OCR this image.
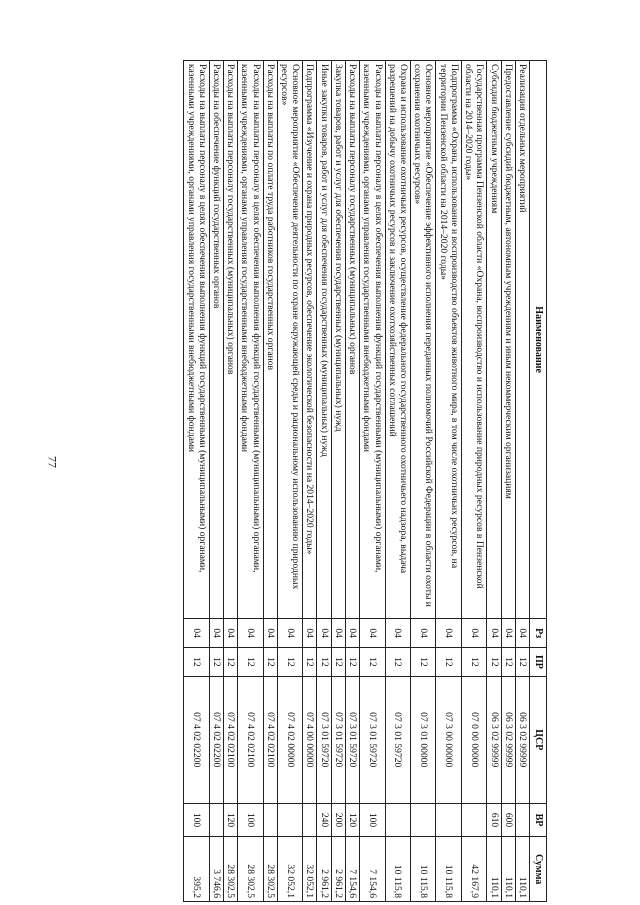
77
Наименование	Рз	ПР	ЦСР	ВР	Сумма
Реализация отдельных мероприятий	04	12	06 3 02 99999		110,1
Предоставление субсидий бюджетным, автономным учреждениям и иным некоммерческим организациям	04	12	06 3 02 99999	600	110,1
Субсидии бюджетным учреждениям	04	12	06 3 02 99999	610	110,1
Государственная программа Пензенской области «Охрана, воспроизводство и использование природных ресурсов в Пензенской области на 2014–2020 годы»	04	12	07 0 00 00000		42 167,9
Подпрограмма «Охрана, использование и воспроизводство объектов животного мира, в том числе охотничьих ресурсов, на территории Пензенской области на 2014–2020 годы»	04	12	07 3 00 00000		10 115,8
Основное мероприятие «Обеспечение эффективного исполнения переданных полномочий Российской Федерации в области охоты и сохранения охотничьих ресурсов»	04	12	07 3 01 00000		10 115,8
Охрана и использование охотничьих ресурсов, осуществление федерального государственного охотничьего надзора, выдача разрешений на добычу охотничьих ресурсов и заключение охотхозяйственных соглашений	04	12	07 3 01 59720		10 115,8
Расходы на выплаты персоналу в целях обеспечения выполнения функций государственными (муниципальными) органами, казенными учреждениями, органами управления государственными внебюджетными фондами	04	12	07 3 01 59720	100	7 154,6
Расходы на выплаты персоналу государственных (муниципальных) органов	04	12	07 3 01 59720	120	7 154,6
Закупка товаров, работ и услуг для обеспечения государственных (муниципальных) нужд	04	12	07 3 01 59720	200	2 961,2
Иные закупки товаров, работ и услуг для обеспечения государственных (муниципальных) нужд	04	12	07 3 01 59720	240	2 961,2
Подпрограмма «Изучение и охрана природных ресурсов, обеспечение экологической безопасности на 2014–2020 годы»	04	12	07 4 00 00000		32 052,1
Основное мероприятие «Обеспечение деятельности по охране окружающей среды и рациональному использованию природных ресурсов»	04	12	07 4 02 00000		32 052,1
Расходы на выплаты по оплате труда работников государственных органов	04	12	07 4 02 02100		28 302,5
Расходы на выплаты персоналу в целях обеспечения выполнения функций государственными (муниципальными) органами, казенными учреждениями, органами управления государственными внебюджетными фондами	04	12	07 4 02 02100	100	28 302,5
Расходы на выплаты персоналу государственных (муниципальных) органов	04	12	07 4 02 02100	120	28 302,5
Расходы на обеспечение функций государственных органов	04	12	07 4 02 02200		3 746,6
Расходы на выплаты персоналу в целях обеспечения выполнения функций государственными (муниципальными) органами, казенными учреждениями, органами управления государственными внебюджетными фондами	04	12	07 4 02 02200	100	395,2
